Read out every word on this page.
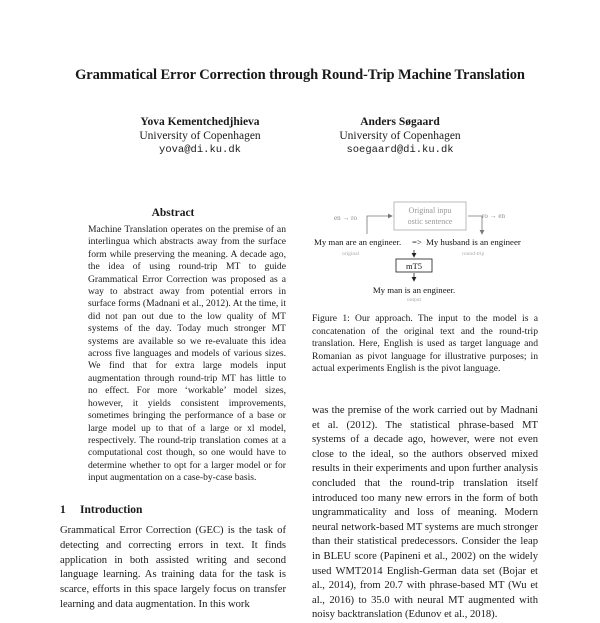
Grammatical Error Correction through Round-Trip Machine Translation
Yova Kementchedjhieva
University of Copenhagen
yova@di.ku.dk
Anders Søgaard
University of Copenhagen
soegaard@di.ku.dk
Abstract
Machine Translation operates on the premise of an interlingua which abstracts away from the surface form while preserving the meaning. A decade ago, the idea of using round-trip MT to guide Grammatical Error Correction was proposed as a way to abstract away from potential errors in surface forms (Madnani et al., 2012). At the time, it did not pan out due to the low quality of MT systems of the day. Today much stronger MT systems are available so we re-evaluate this idea across five languages and models of various sizes. We find that for extra large models input augmentation through round-trip MT has little to no effect. For more ‘workable’ model sizes, however, it yields consistent improvements, sometimes bringing the performance of a base or large model up to that of a large or xl model, respectively. The round-trip translation comes at a computational cost though, so one would have to determine whether to opt for a larger model or for input augmentation on a case-by-case basis.
1 Introduction
Grammatical Error Correction (GEC) is the task of detecting and correcting errors in text. It finds application in both assisted writing and second language learning. As training data for the task is scarce, efforts in this space largely focus on transfer learning and data augmentation. In this work
Original inpu
ostic sentence
en → ro	ro → en
My man are an engineer. => My husband is an engineer
original	round-trip
mT5
My man is an engineer.
output
Figure 1: Our approach. The input to the model is a concatenation of the original text and the round-trip translation. Here, English is used as target language and Romanian as pivot language for illustrative purposes; in actual experiments English is the pivot language.
was the premise of the work carried out by Madnani et al. (2012). The statistical phrase-based MT systems of a decade ago, however, were not even close to the ideal, so the authors observed mixed results in their experiments and upon further analysis concluded that the round-trip translation itself introduced too many new errors in the form of both ungrammaticality and loss of meaning. Modern neural network-based MT systems are much stronger than their statistical predecessors. Consider the leap in BLEU score (Papineni et al., 2002) on the widely used WMT2014 English-German data set (Bojar et al., 2014), from 20.7 with phrase-based MT (Wu et al., 2016) to 35.0 with neural MT augmented with noisy backtranslation (Edunov et al., 2018).
